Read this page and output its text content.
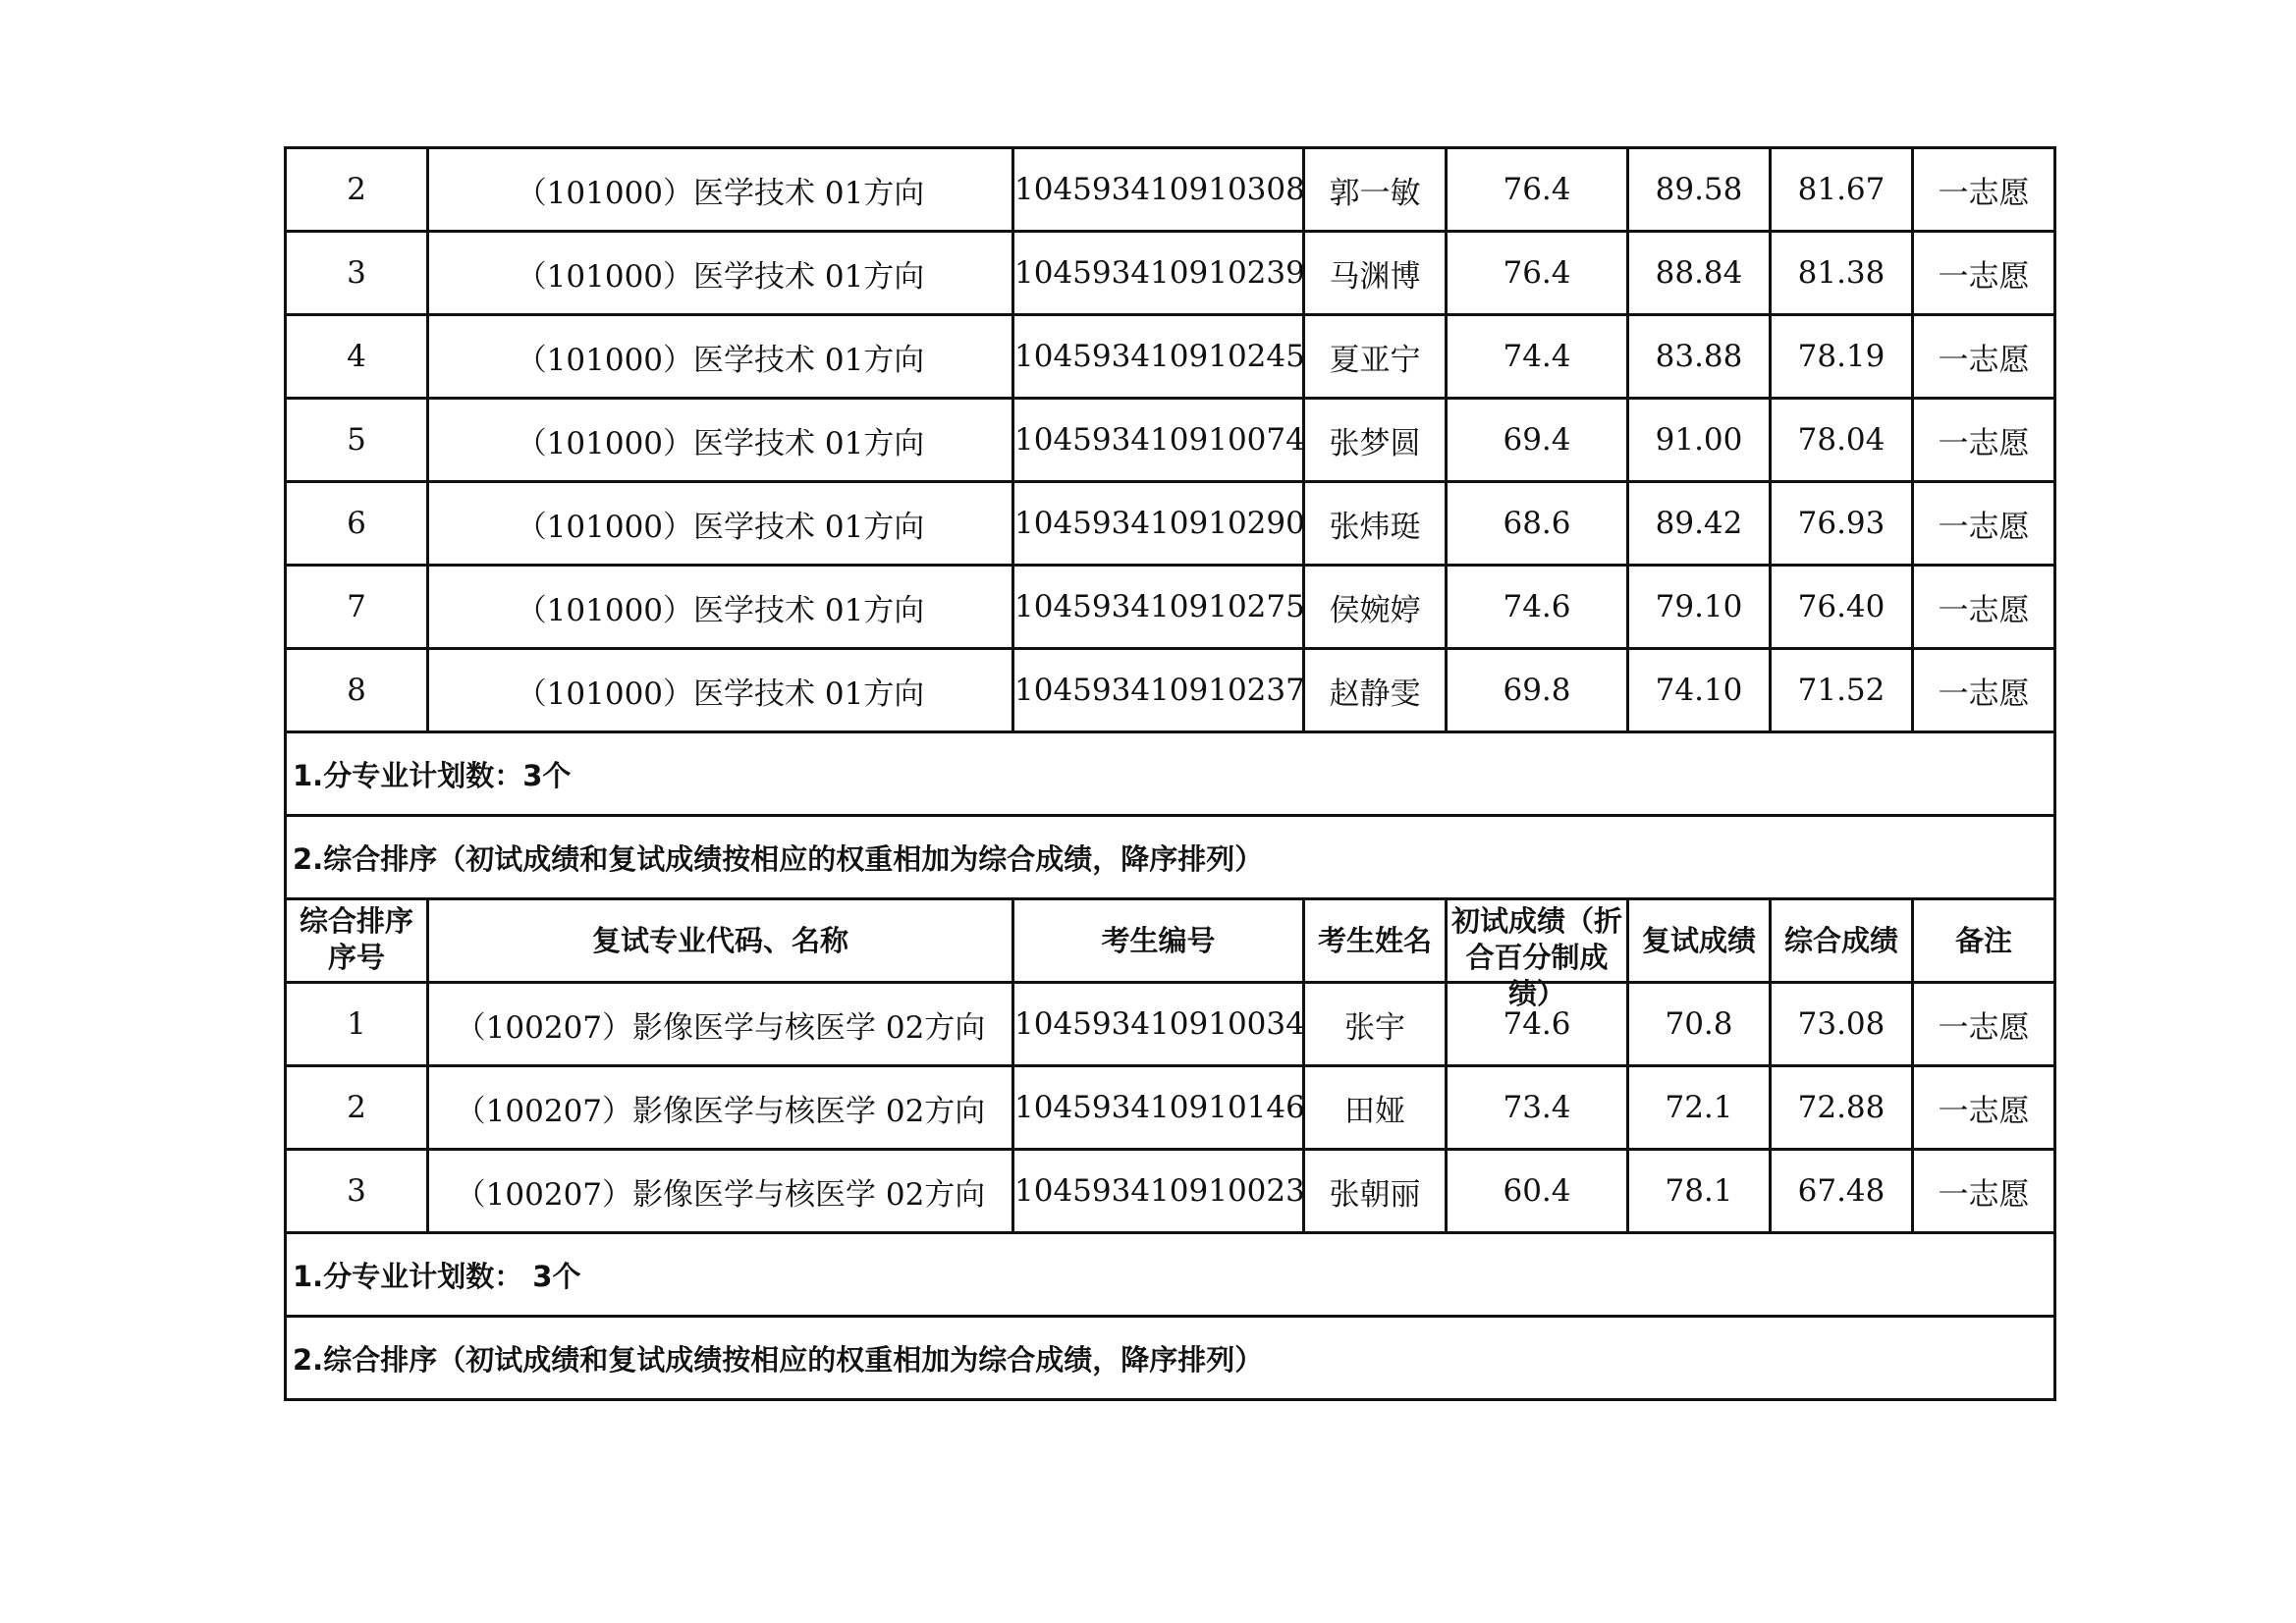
2	（101000）医学技术 01方向	104593410910308	郭一敏	76.4	89.58	81.67	一志愿
3	（101000）医学技术 01方向	104593410910239	马渊博	76.4	88.84	81.38	一志愿
4	（101000）医学技术 01方向	104593410910245	夏亚宁	74.4	83.88	78.19	一志愿
5	（101000）医学技术 01方向	104593410910074	张梦圆	69.4	91.00	78.04	一志愿
6	（101000）医学技术 01方向	104593410910290	张炜珽	68.6	89.42	76.93	一志愿
7	（101000）医学技术 01方向	104593410910275	侯婉婷	74.6	79.10	76.40	一志愿
8	（101000）医学技术 01方向	104593410910237	赵静雯	69.8	74.10	71.52	一志愿
1.分专业计划数：3个							
2.综合排序（初试成绩和复试成绩按相应的权重相加为综合成绩，降序排列）							

综合排序序号	复试专业代码、名称	考生编号	考生姓名	初试成绩（折合百分制成绩）	复试成绩	综合成绩	备注
1	（100207）影像医学与核医学 02方向	104593410910034	张宇	74.6	70.8	73.08	一志愿
2	（100207）影像医学与核医学 02方向	104593410910146	田娅	73.4	72.1	72.88	一志愿
3	（100207）影像医学与核医学 02方向	104593410910023	张朝丽	60.4	78.1	67.48	一志愿
1.分专业计划数： 3个							
2.综合排序（初试成绩和复试成绩按相应的权重相加为综合成绩，降序排列）							
